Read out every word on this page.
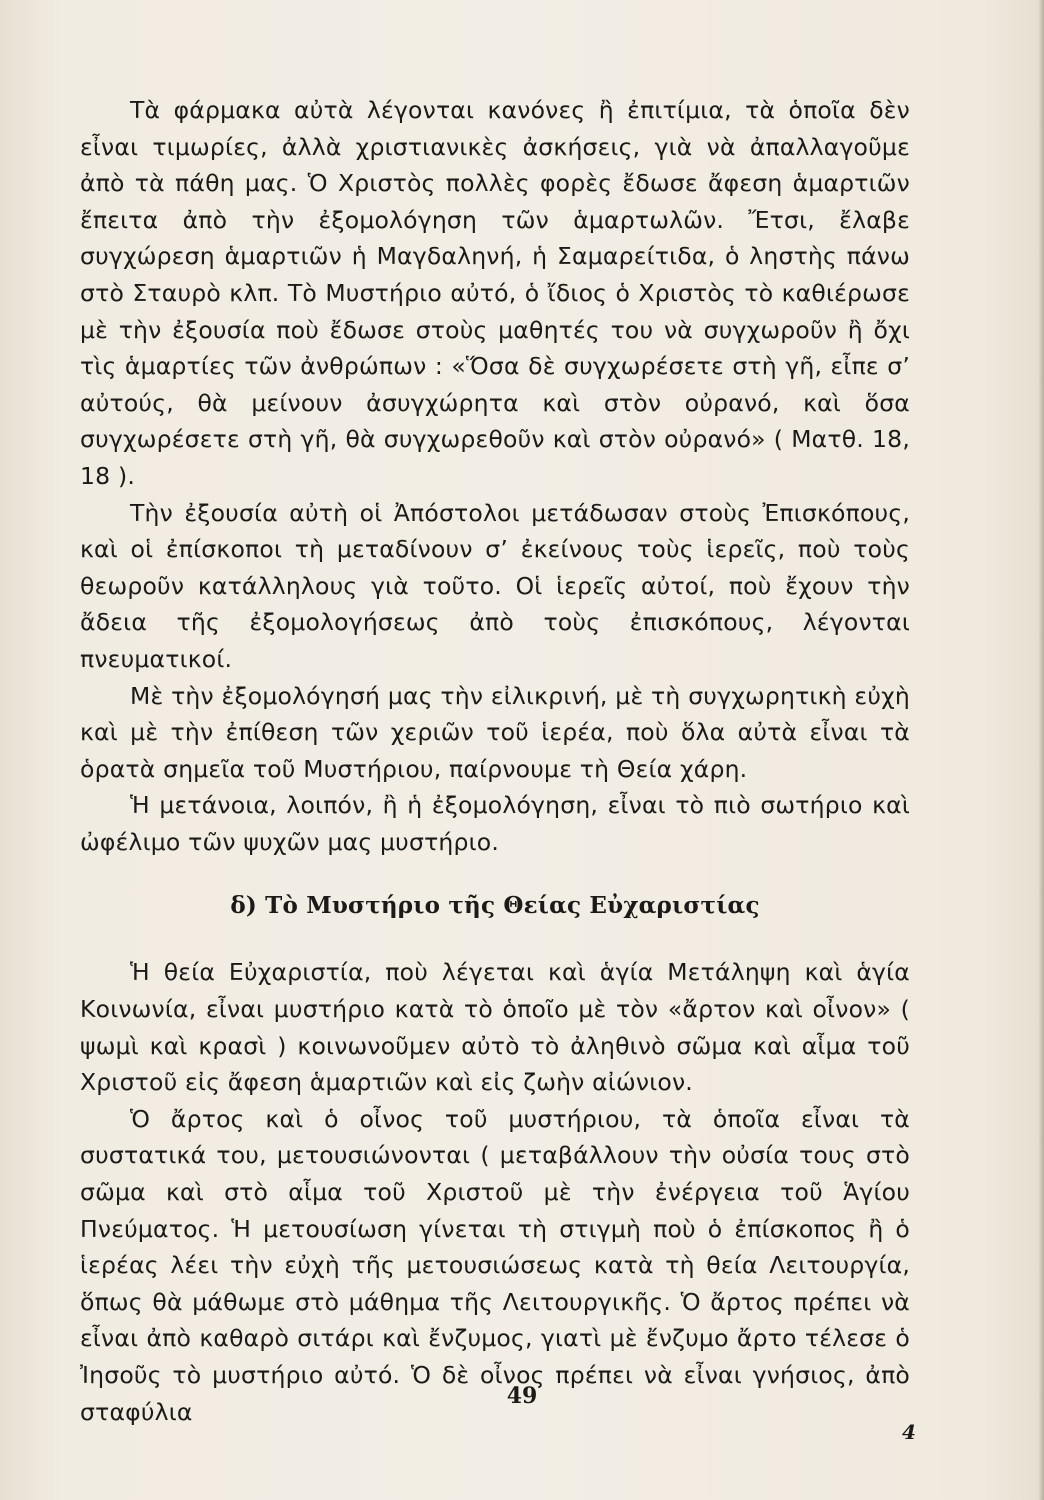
Τὰ φάρμακα αὐτὰ λέγονται κανόνες ἢ ἐπιτίμια, τὰ ὁποῖα δὲν εἶναι τιμωρίες, ἀλλὰ χριστιανικὲς ἀσκήσεις, γιὰ νὰ ἀπαλλαγοῦμε ἀπὸ τὰ πάθη μας. Ὁ Χριστὸς πολλὲς φορὲς ἔδωσε ἄφεση ἁμαρτιῶν ἔπειτα ἀπὸ τὴν ἐξομολόγηση τῶν ἁμαρτωλῶν. Ἔτσι, ἔλαβε συγχώρεση ἁμαρτιῶν ἡ Μαγδαληνή, ἡ Σαμαρείτιδα, ὁ ληστὴς πάνω στὸ Σταυρὸ κλπ. Τὸ Μυστήριο αὐτό, ὁ ἴδιος ὁ Χριστὸς τὸ καθιέρωσε μὲ τὴν ἐξουσία ποὺ ἔδωσε στοὺς μαθητές του νὰ συγχωροῦν ἢ ὄχι τὶς ἁμαρτίες τῶν ἀνθρώπων : «Ὅσα δὲ συγχωρέσετε στὴ γῆ, εἶπε σ’ αὐτούς, θὰ μείνουν ἀσυγχώρητα καὶ στὸν οὐρανό, καὶ ὅσα συγχωρέσετε στὴ γῆ, θὰ συγχωρεθοῦν καὶ στὸν οὐρανό» ( Ματθ. 18, 18 ).

Τὴν ἐξουσία αὐτὴ οἱ Ἀπόστολοι μετάδωσαν στοὺς Ἐπισκόπους, καὶ οἱ ἐπίσκοποι τὴ μεταδίνουν σ’ ἐκείνους τοὺς ἱερεῖς, ποὺ τοὺς θεωροῦν κατάλληλους γιὰ τοῦτο. Οἱ ἱερεῖς αὐτοί, ποὺ ἔχουν τὴν ἄδεια τῆς ἐξομολογήσεως ἀπὸ τοὺς ἐπισκόπους, λέγονται πνευματικοί.

Μὲ τὴν ἐξομολόγησή μας τὴν εἰλικρινή, μὲ τὴ συγχωρητικὴ εὐχὴ καὶ μὲ τὴν ἐπίθεση τῶν χεριῶν τοῦ ἱερέα, ποὺ ὅλα αὐτὰ εἶναι τὰ ὁρατὰ σημεῖα τοῦ Μυστήριου, παίρνουμε τὴ Θεία χάρη.

Ἡ μετάνοια, λοιπόν, ἢ ἡ ἐξομολόγηση, εἶναι τὸ πιὸ σωτήριο καὶ ὠφέλιμο τῶν ψυχῶν μας μυστήριο.

δ) Τὸ Μυστήριο τῆς Θείας Εὐχαριστίας

Ἡ θεία Εὐχαριστία, ποὺ λέγεται καὶ ἁγία Μετάληψη καὶ ἁγία Κοινωνία, εἶναι μυστήριο κατὰ τὸ ὁποῖο μὲ τὸν «ἄρτον καὶ οἶνον» ( ψωμὶ καὶ κρασὶ ) κοινωνοῦμεν αὐτὸ τὸ ἀληθινὸ σῶμα καὶ αἷμα τοῦ Χριστοῦ εἰς ἄφεση ἁμαρτιῶν καὶ εἰς ζωὴν αἰώνιον.

Ὁ ἄρτος καὶ ὁ οἶνος τοῦ μυστήριου, τὰ ὁποῖα εἶναι τὰ συστατικά του, μετουσιώνονται ( μεταβάλλουν τὴν οὐσία τους στὸ σῶμα καὶ στὸ αἷμα τοῦ Χριστοῦ μὲ τὴν ἐνέργεια τοῦ Ἁγίου Πνεύματος. Ἡ μετουσίωση γίνεται τὴ στιγμὴ ποὺ ὁ ἐπίσκοπος ἢ ὁ ἱερέας λέει τὴν εὐχὴ τῆς μετουσιώσεως κατὰ τὴ θεία Λειτουργία, ὅπως θὰ μάθωμε στὸ μάθημα τῆς Λειτουργικῆς. Ὁ ἄρτος πρέπει νὰ εἶναι ἀπὸ καθαρὸ σιτάρι καὶ ἔνζυμος, γιατὶ μὲ ἔνζυμο ἄρτο τέλεσε ὁ Ἰησοῦς τὸ μυστήριο αὐτό. Ὁ δὲ οἶνος πρέπει νὰ εἶναι γνήσιος, ἀπὸ σταφύλια

49
4
